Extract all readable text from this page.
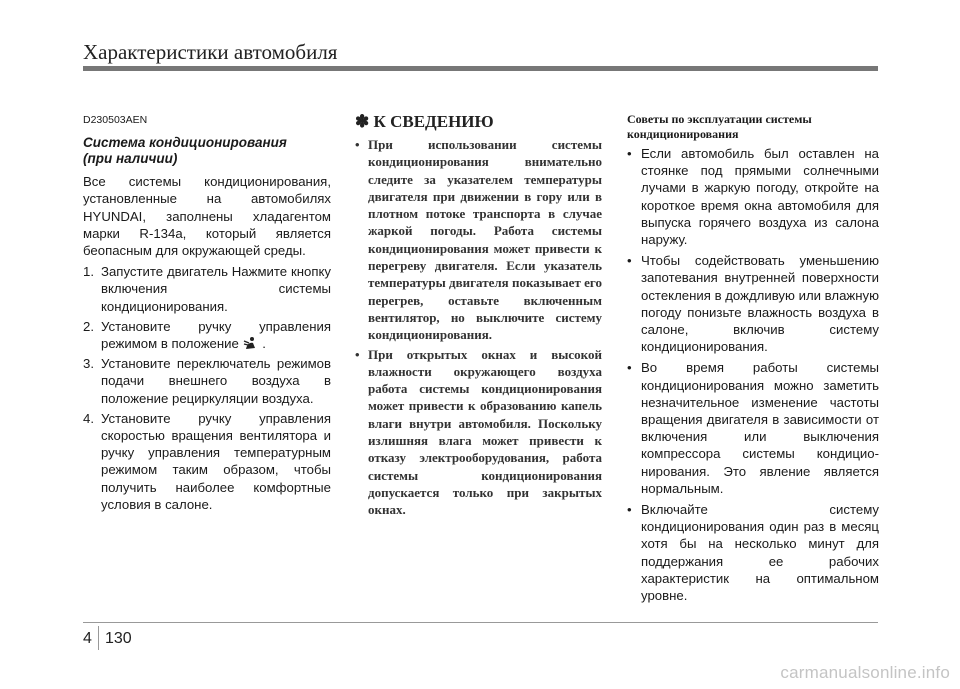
Характеристики автомобиля
D230503AEN
Система кондиционирования
(при наличии)
Все системы кондиционирования, установленные на автомобилях HYUNDAI, заполнены хладагентом марки R-134a, который является беопасным для окружающей среды.
1. Запустите двигатель Нажмите кнопку включения системы кондиционирования.
2. Установите ручку управления режимом в положение .
3. Установите переключатель режимов подачи внешнего воздуха в положение рециркуляции воздуха.
4. Установите ручку управления скоростью вращения вентилятора и ручку управления температурным режимом таким образом, чтобы получить наиболее комфортные условия в салоне.
✽ К СВЕДЕНИЮ
• При использовании системы кондиционирования внимательно следите за указателем температуры двигателя при движении в гору или в плотном потоке транспорта в случае жаркой погоды. Работа системы кондиционирования может привести к перегреву двигателя. Если указатель температуры двигателя показывает его перегрев, оставьте включенным вентилятор, но выключите систему кондиционирования.
• При открытых окнах и высокой влажности окружающего воздуха работа системы кондиционирования может привести к образованию капель влаги внутри автомобиля. Поскольку излишняя влага может привести к отказу электрооборудования, работа системы кондиционирования допускается только при закрытых окнах.
Советы по эксплуатации системы кондиционирования
• Если автомобиль был оставлен на стоянке под прямыми солнечными лучами в жаркую погоду, откройте на короткое время окна автомобиля для выпуска горячего воздуха из салона наружу.
• Чтобы содействовать уменьшению запотевания внутренней поверхности остекления в дождливую или влажную погоду понизьте влажность воздуха в салоне, включив систему кондиционирования.
• Во время работы системы кондиционирования можно заметить незначительное изменение частоты вращения двигателя в зависимости от включения или выключения компрессора системы кондиционирования. Это явление является нормальным.
• Включайте систему кондиционирования один раз в месяц хотя бы на несколько минут для поддержания ее рабочих характеристик на оптимальном уровне.
4 130
carmanualsonline.info
